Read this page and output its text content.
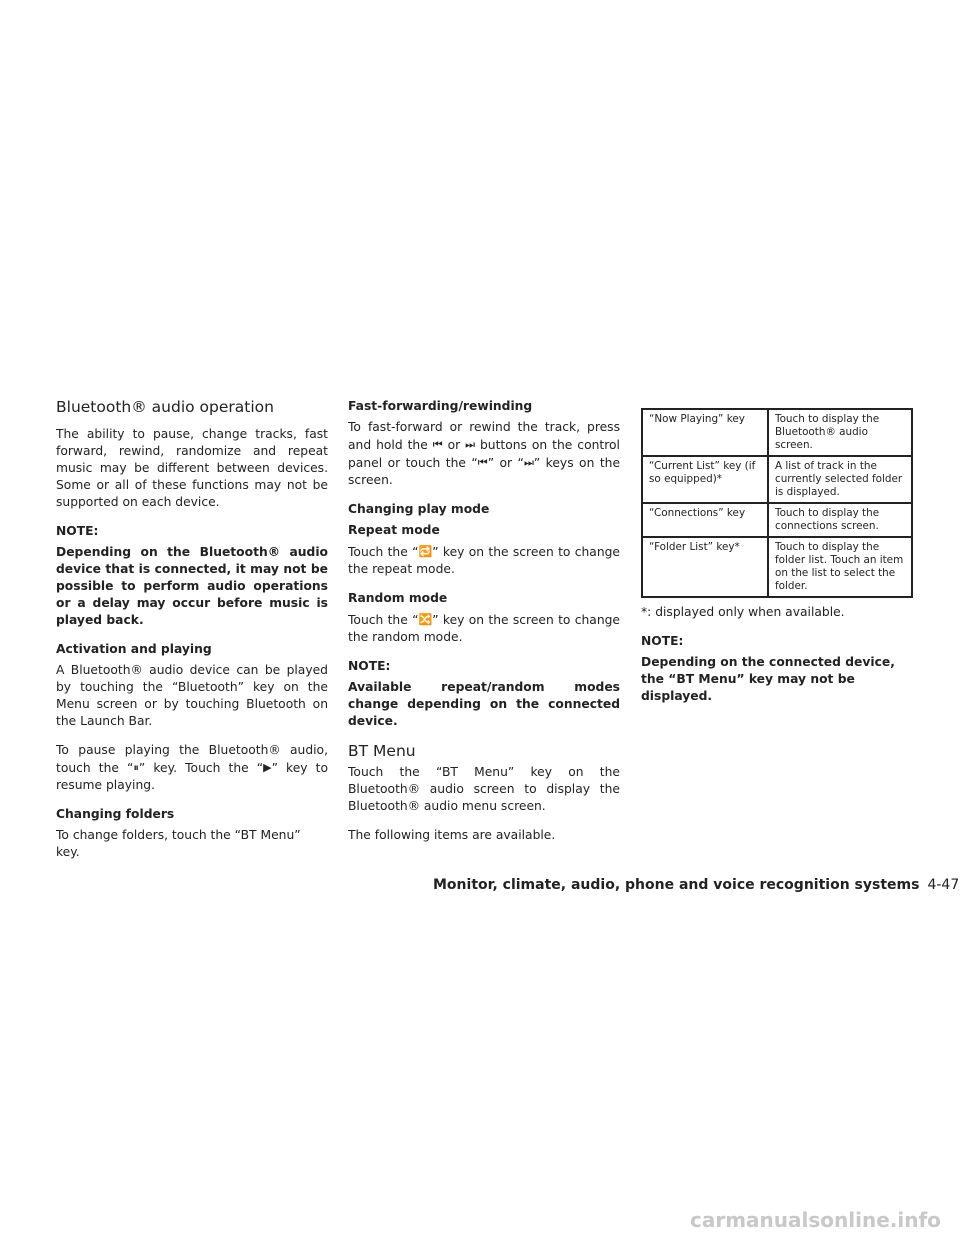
Bluetooth® audio operation

The ability to pause, change tracks, fast forward, rewind, randomize and repeat music may be different between devices. Some or all of these functions may not be supported on each device.

NOTE:

Depending on the Bluetooth® audio device that is connected, it may not be possible to perform audio operations or a delay may occur before music is played back.

Activation and playing

A Bluetooth® audio device can be played by touching the “Bluetooth” key on the Menu screen or by touching Bluetooth on the Launch Bar.

To pause playing the Bluetooth® audio, touch the “⏸” key. Touch the “▶” key to resume playing.

Changing folders

To change folders, touch the “BT Menu” key.

Fast-forwarding/rewinding

To fast-forward or rewind the track, press and hold the ⏮ or ⏭ buttons on the control panel or touch the “⏮” or “⏭” keys on the screen.

Changing play mode

Repeat mode

Touch the “🔁” key on the screen to change the repeat mode.

Random mode

Touch the “🔀” key on the screen to change the random mode.

NOTE:

Available repeat/random modes change depending on the connected device.

BT Menu

Touch the “BT Menu” key on the Bluetooth® audio screen to display the Bluetooth® audio menu screen.

The following items are available.

“Now Playing” key	Touch to display the Bluetooth® audio screen.
“Current List” key (if so equipped)*	A list of track in the currently selected folder is displayed.
“Connections” key	Touch to display the connections screen.
“Folder List” key*	Touch to display the folder list. Touch an item on the list to select the folder.

*: displayed only when available.

NOTE:

Depending on the connected device, the “BT Menu” key may not be displayed.

Monitor, climate, audio, phone and voice recognition systems 4-47
carmanualsonline.info
